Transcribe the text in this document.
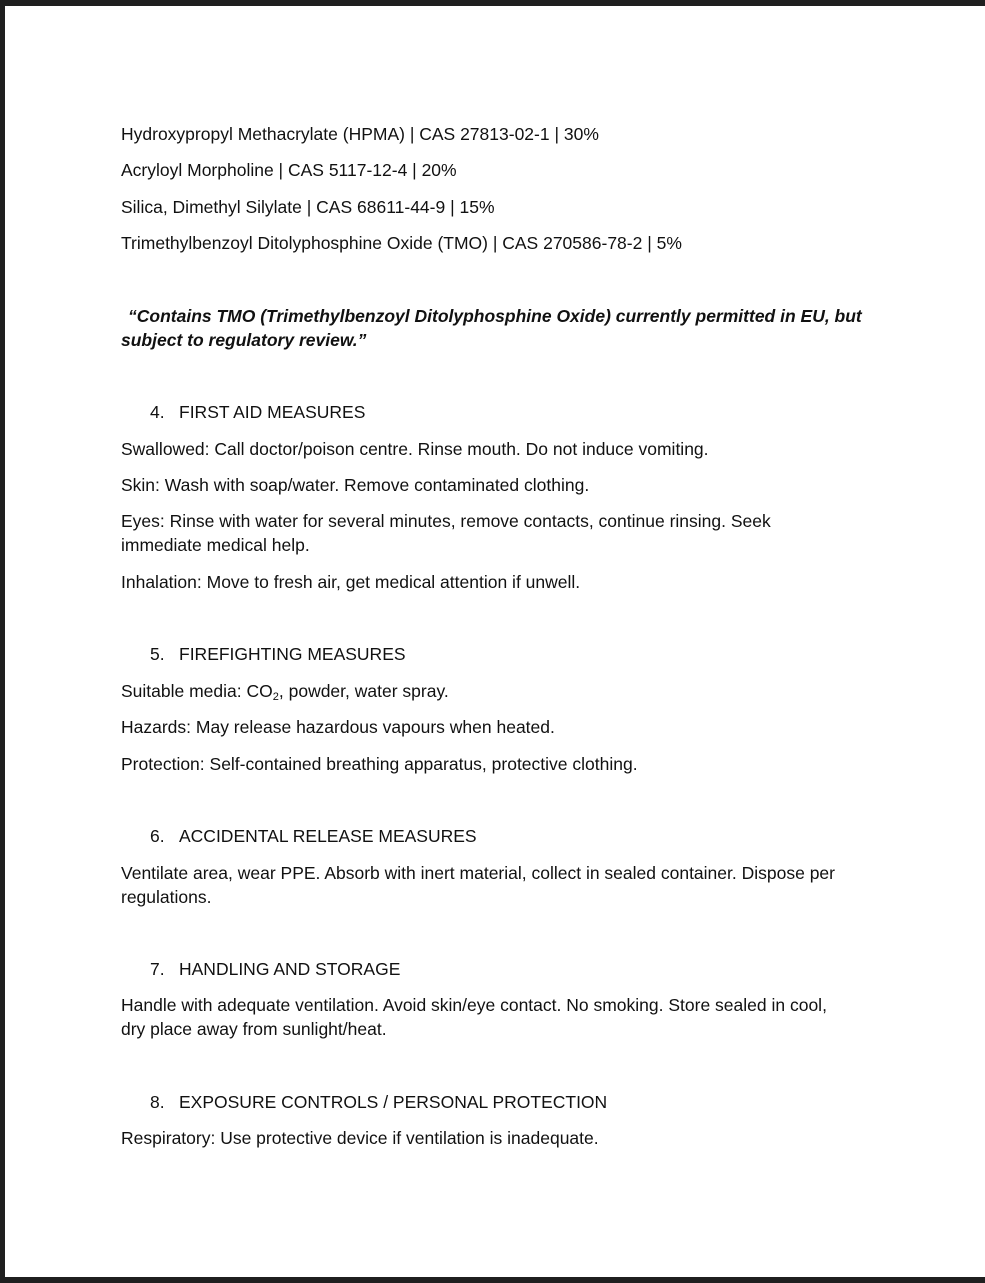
Hydroxypropyl Methacrylate (HPMA) | CAS 27813-02-1 | 30%

Acryloyl Morpholine | CAS 5117-12-4 | 20%

Silica, Dimethyl Silylate | CAS 68611-44-9 | 15%

Trimethylbenzoyl Ditolyphosphine Oxide (TMO) | CAS 270586-78-2 | 5%

“Contains TMO (Trimethylbenzoyl Ditolyphosphine Oxide) currently permitted in EU, but subject to regulatory review.”

4. FIRST AID MEASURES

Swallowed: Call doctor/poison centre. Rinse mouth. Do not induce vomiting.

Skin: Wash with soap/water. Remove contaminated clothing.

Eyes: Rinse with water for several minutes, remove contacts, continue rinsing. Seek immediate medical help.

Inhalation: Move to fresh air, get medical attention if unwell.

5. FIREFIGHTING MEASURES

Suitable media: $CO_2$, powder, water spray.

Hazards: May release hazardous vapours when heated.

Protection: Self-contained breathing apparatus, protective clothing.

6. ACCIDENTAL RELEASE MEASURES

Ventilate area, wear PPE. Absorb with inert material, collect in sealed container. Dispose per regulations.

7. HANDLING AND STORAGE

Handle with adequate ventilation. Avoid skin/eye contact. No smoking. Store sealed in cool, dry place away from sunlight/heat.

8. EXPOSURE CONTROLS / PERSONAL PROTECTION

Respiratory: Use protective device if ventilation is inadequate.
